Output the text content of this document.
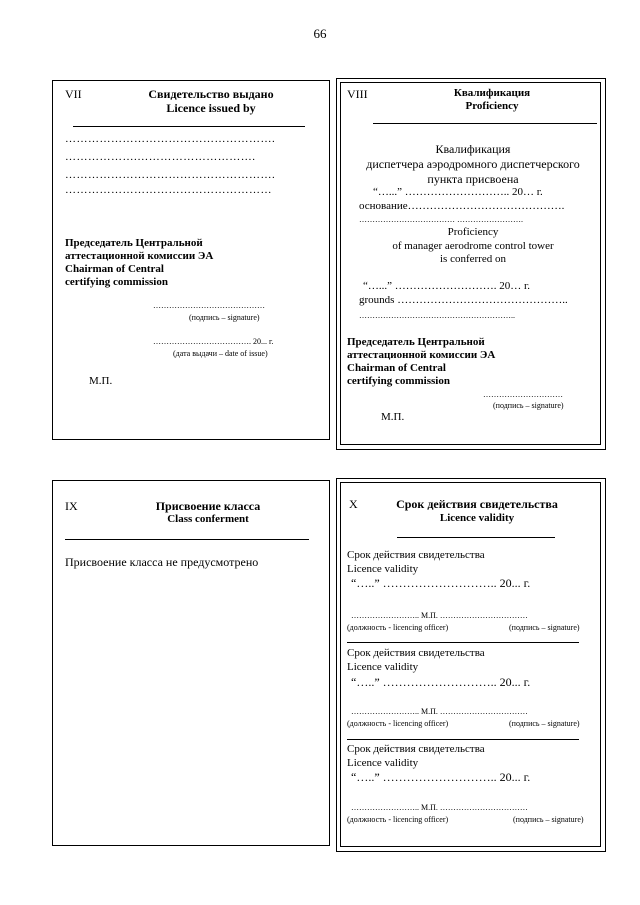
66
VII	Свидетельство выдано
Licence issued by
……………………………………………….
……………….………………………….
……………………………………………….
………………………………………………
Председатель Центральной
аттестационной комиссии ЭА
Chairman of Central
certifying commission
……………………………………
(подпись – signature)
………………………………. 20... г.
(дата выдачи – date of issue)
М.П.
VIII	Квалификация
Proficiency
Квалификация
диспетчера аэродромного диспетчерского
пункта присвоена
“…...” ……………………….. 20… г.
основание…………………………………….
……………………………… …………………….
Proficiency
of manager aerodrome control tower
is conferred on
“…...” ………………………. 20… г.
grounds ………………………………………..
…………………………………………………..
Председатель Центральной
аттестационной комиссии ЭА
Chairman of Central
certifying commission
…………………………
(подпись – signature)
М.П.
IX	Присвоение класса
Class conferment
Присвоение класса не предусмотрено
X	Срок действия свидетельства
Licence validity
Срок действия свидетельства
Licence validity
“…..” ……………………….. 20... г.
…………………….. М.П. ……………………………
(должность - licencing officer)	(подпись – signature)
Срок действия свидетельства
Licence validity
“…..” ……………………….. 20... г.
…………………….. М.П. ……………………………
(должность - licencing officer)	(подпись – signature)
Срок действия свидетельства
Licence validity
“…..” ……………………….. 20... г.
…………………….. М.П. ……………………………
(должность - licencing officer)	(подпись – signature)
